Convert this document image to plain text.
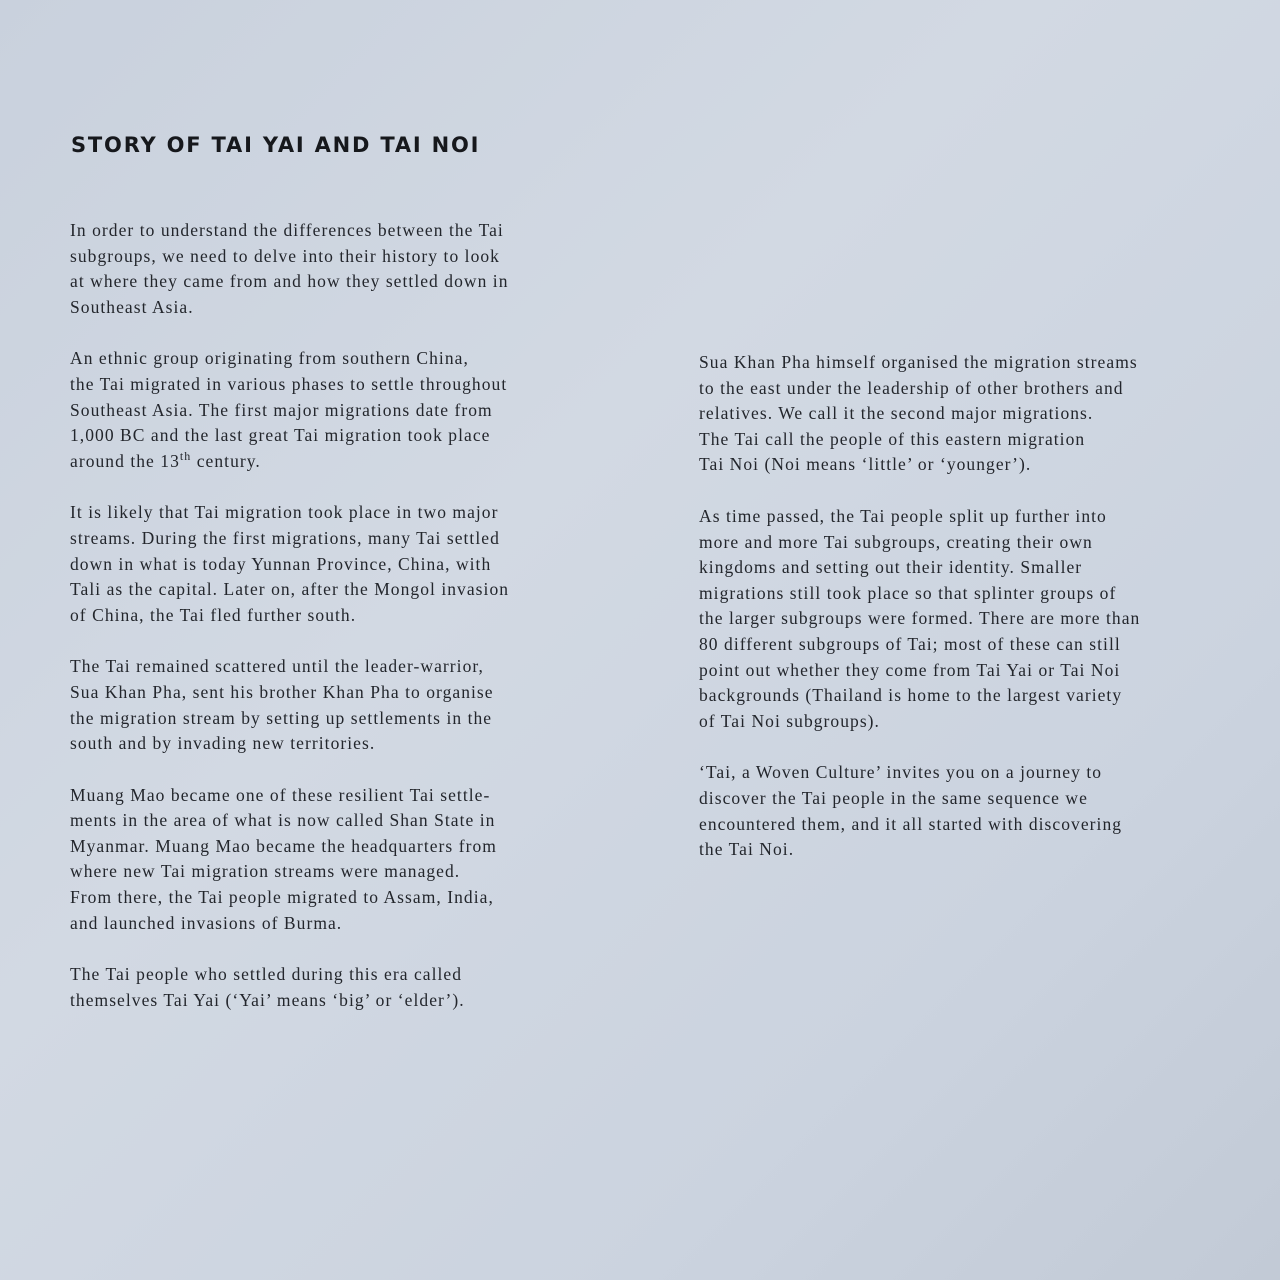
STORY OF TAI YAI AND TAI NOI

In order to understand the differences between the Tai
subgroups, we need to delve into their history to look
at where they came from and how they settled down in
Southeast Asia.

An ethnic group originating from southern China,
the Tai migrated in various phases to settle throughout
Southeast Asia. The first major migrations date from
1,000 BC and the last great Tai migration took place
around the 13th century.

It is likely that Tai migration took place in two major
streams. During the first migrations, many Tai settled
down in what is today Yunnan Province, China, with
Tali as the capital. Later on, after the Mongol invasion
of China, the Tai fled further south.

The Tai remained scattered until the leader-warrior,
Sua Khan Pha, sent his brother Khan Pha to organise
the migration stream by setting up settlements in the
south and by invading new territories.

Muang Mao became one of these resilient Tai settle-
ments in the area of what is now called Shan State in
Myanmar. Muang Mao became the headquarters from
where new Tai migration streams were managed.
From there, the Tai people migrated to Assam, India,
and launched invasions of Burma.

The Tai people who settled during this era called
themselves Tai Yai (‘Yai’ means ‘big’ or ‘elder’).

Sua Khan Pha himself organised the migration streams
to the east under the leadership of other brothers and
relatives. We call it the second major migrations.
The Tai call the people of this eastern migration
Tai Noi (Noi means ‘little’ or ‘younger’).

As time passed, the Tai people split up further into
more and more Tai subgroups, creating their own
kingdoms and setting out their identity. Smaller
migrations still took place so that splinter groups of
the larger subgroups were formed. There are more than
80 different subgroups of Tai; most of these can still
point out whether they come from Tai Yai or Tai Noi
backgrounds (Thailand is home to the largest variety
of Tai Noi subgroups).

‘Tai, a Woven Culture’ invites you on a journey to
discover the Tai people in the same sequence we
encountered them, and it all started with discovering
the Tai Noi.
